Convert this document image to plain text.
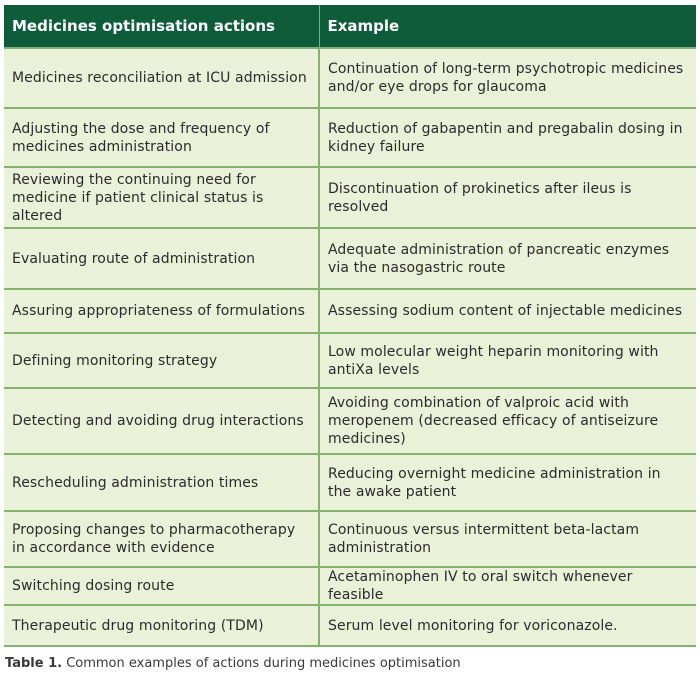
Medicines optimisation actions	Example
Medicines reconciliation at ICU admission	Continuation of long-term psychotropic medicines and/or eye drops for glaucoma
Adjusting the dose and frequency of medicines administration	Reduction of gabapentin and pregabalin dosing in kidney failure
Reviewing the continuing need for medicine if patient clinical status is altered	Discontinuation of prokinetics after ileus is resolved
Evaluating route of administration	Adequate administration of pancreatic enzymes via the nasogastric route
Assuring appropriateness of formulations	Assessing sodium content of injectable medicines
Defining monitoring strategy	Low molecular weight heparin monitoring with antiXa levels
Detecting and avoiding drug interactions	Avoiding combination of valproic acid with meropenem (decreased efficacy of antiseizure medicines)
Rescheduling administration times	Reducing overnight medicine administration in the awake patient
Proposing changes to pharmacotherapy in accordance with evidence	Continuous versus intermittent beta-lactam administration
Switching dosing route	Acetaminophen IV to oral switch whenever feasible
Therapeutic drug monitoring (TDM)	Serum level monitoring for voriconazole.
Table 1. Common examples of actions during medicines optimisation
